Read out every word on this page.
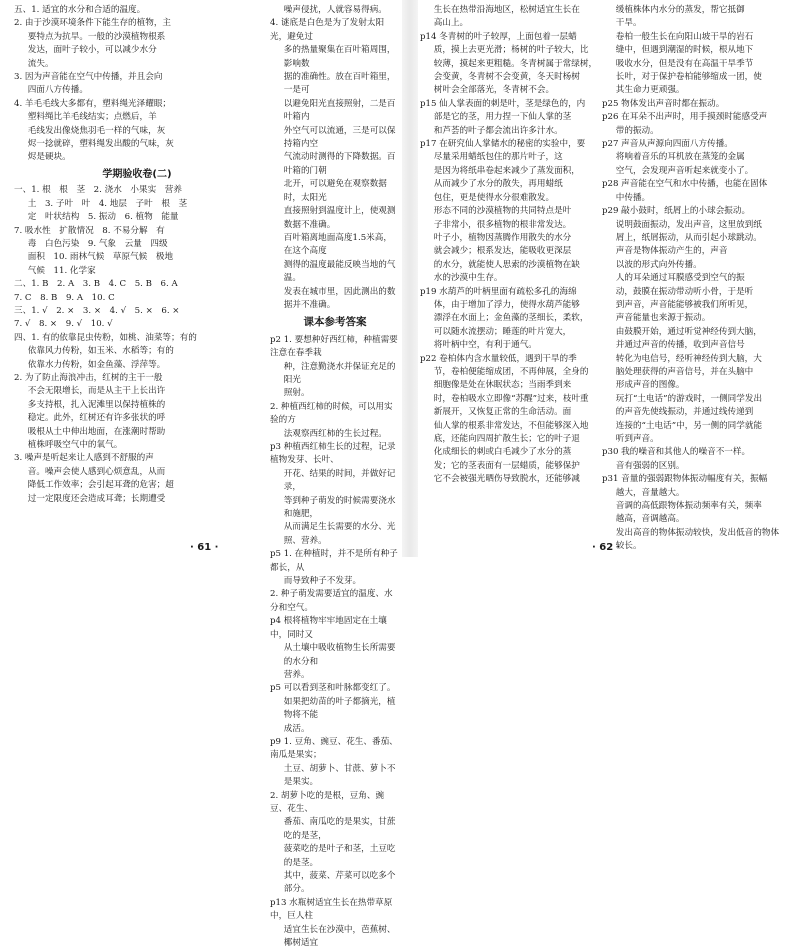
五、1. 适宜的水分和合适的温度。

2. 由于沙漠环境条件下能生存的植物，主

要特点为抗旱。一般的沙漠植物根系

发达，面叶子较小，可以减少水分

流失。

3. 因为声音能在空气中传播，并且会向

四面八方传播。

4. 羊毛毛线大多都有，塑料绳光泽耀眼；

塑料绳比羊毛线结实；点燃后，羊

毛线发出像烧焦羽毛一样的气味，灰

烬一捻就碎，塑料绳发出酸的气味，灰

烬是硬块。

学期验收卷(二)

一、1. 根　根　茎　2. 浇水　小果实　营养

土　3. 子叶　叶　4. 地层　子叶　根　茎

定　叶状结构　5. 振动　6. 植物　能量

7. 吸水性　扩散情况　8. 不易分解　有

毒　白色污染　9. 气象　云量　四级

面积　10. 雨林气候　草原气候　极地

气候　11. 化学家

二、1. B　2. A　3. B　4. C　5. B　6. A

7. C　8. B　9. A　10. C

三、1. √　2. ×　3. ×　4. √　5. ×　6. ×

7. √　8. ×　9. √　10. √

四、1. 有的依靠昆虫传粉，如桃、油菜等；有的

依靠风力传粉，如玉米、水稻等；有的

依靠水力传粉，如金鱼藻、浮萍等。

2. 为了防止海浪冲击，红树的主干一般

不会无限增长，而是从主干上长出许

多支持根，扎入泥滩里以保持植株的

稳定。此外，红树还有许多张状的呼

吸根从土中伸出地面，在涨潮时帮助

植株呼吸空气中的氧气。

3. 噪声是听起来让人感到不舒服的声

音。噪声会使人感到心烦意乱，从而

降低工作效率；会引起耳聋的危害；超

过一定限度还会造成耳聋；长期遭受

噪声侵扰，人就容易得病。

4. 谜底是白色是为了发射太阳光，避免过

多的热量聚集在百叶箱周围，影响数

据的准确性。放在百叶箱里，一是可

以避免阳光直接照射，二是百叶箱内

外空气可以流通，三是可以保持箱内空

气流动时测得的下降数据。百叶箱的门朝

北开，可以避免在观察数据时，太阳光

直接照射到温度计上，使观测数据不准确。

百叶箱离地面高度1.5米高，在这个高度

测得的温度最能反映当地的气温。

发表在城市里，因此测出的数据并不准确。

课本参考答案

p2 1. 要想种好西红柿，种植需要注意在春季栽

种，注意勤浇水并保证充足的阳光

照射。

2. 种植西红柿的时候，可以用实验的方

法观察西红柿的生长过程。

p3 种植西红柿生长的过程，记录植物发芽、长叶、

开花、结果的时间，并做好记录，

等到种子萌发的时候需要浇水和施肥，

从而满足生长需要的水分、光照、营养。

p5 1. 在种植时，并不是所有种子都长，从

而导致种子不发芽。

2. 种子萌发需要适宜的温度、水分和空气。

p4 根将植物牢牢地固定在土壤中，同时又

从土壤中吸收植物生长所需要的水分和

营养。

p5 可以看到茎和叶脉都变红了。

如果把幼苗的叶子都摘光，植物将不能

成活。

p9 1. 豆角、豌豆、花生、番茄、南瓜是果实；

土豆、胡萝卜、甘蔗、萝卜不是果实。

2. 胡萝卜吃的是根，豆角、豌豆、花生、

番茄、南瓜吃的是果实，甘蔗吃的是茎，

菠菜吃的是叶子和茎，土豆吃的是茎。

其中，菠菜、芹菜可以吃多个部分。

p13 水瓶树适宜生长在热带草原中，巨人柱

适宜生长在沙漠中，芭蕉树、椰树适宜

生长在热带沿海地区，松树适宜生长在

高山上。

p14 冬青树的叶子较厚，上面包着一层蜡

质，摸上去更光滑；杨树的叶子较大，比

较薄，摸起来更粗糙。冬青树属于常绿树，

会变黄，冬青树不会变黄，冬天时杨树

树叶会全部落光，冬青树不会。

p15 仙人掌表面的刺是叶，茎是绿色的，内

部是它的茎，用力捏一下仙人掌的茎

和芦荟的叶子都会流出许多汁水。

p17 在研究仙人掌储水的秘密的实验中，要

尽量采用蜡纸包住的那片叶子，这

是因为将纸串卷起来减少了蒸发面积，

从而减少了水分的散失，再用蜡纸

包住，更是使得水分很难散发。

形态不同的沙漠植物的共同特点是叶

子非常小，很多植物的根非常发达。

叶子小，植物因蒸腾作用散失的水分

就会减少；根系发达，能吸收更深层

的水分，就能使人思索的沙漠植物在缺

水的沙漠中生存。

p19 水葫芦的叶柄里面有疏松多孔的海绵

体，由于增加了浮力，使得水葫芦能够

漂浮在水面上；金鱼藻的茎细长，柔软，

可以随水流摆动；睡莲的叶片宽大，

将叶柄中空，有利于通气。

p22 卷柏体内含水量较低，遇到干旱的季

节，卷柏便能缩成团，不再伸展，全身的

细胞像是处在休眠状态；当雨季到来

时，卷柏吸水立即像“苏醒”过来，枝叶重

新展开，又恢复正常的生命活动。面

仙人掌的根系非常发达，不但能够深入地

底，还能向四周扩散生长；它的叶子退

化成细长的刺或白毛减少了水分的蒸

发；它的茎表面有一层蜡质，能够保护

它不会被强光晒伤导致脱水，还能够减

缓植株体内水分的蒸发，帮它抵御

干旱。

卷柏一般生长在向阳山坡干旱的岩石

缝中，但遇到潮湿的时候，根从地下

吸收水分，但是没有在高温干旱季节

长叶，对于保护卷柏能够缩成一团，使

其生命力更顽强。

p25 物体发出声音时都在振动。

p26 在耳朵不出声时，用手摸颈时能感受声

带的振动。

p27 声音从声源向四面八方传播。

将响着音乐的耳机放在蒸笼的金属

空气，会发现声音听起来就变小了。

p28 声音能在空气和水中传播，也能在固体

中传播。

p29 敲小鼓时，纸屑上的小球会振动。

说明鼓面振动，发出声音，这里放到纸

屑上，纸屑振动，从而引起小球跳动。

声音是物体振动产生的，声音

以波的形式向外传播。

人的耳朵通过耳膜感受到空气的振

动，鼓膜在振动带动听小骨，于是听

到声音，声音能能够被我们所听见，

声音能量也来源于振动。

由鼓膜开始，通过听觉神经传到大脑，

并通过声音的传播，收到声音信号

转化为电信号，经听神经传到大脑，大

脑处理获得的声音信号，并在头脑中

形成声音的图像。

玩打“土电话”的游戏时，一侧同学发出

的声音先使线振动，并通过线传递到

连接的“土电话”中，另一侧的同学就能

听到声音。

p30 我的噪音和其他人的噪音不一样。

音有强弱的区别。

p31 音量的强弱跟物体振动幅度有关，振幅

越大，音量越大。

音调的高低跟物体振动频率有关，频率

越高，音调越高。

发出高音的物体振动较快，发出低音的物体

较长。

· 61 ·	· 62 ·
